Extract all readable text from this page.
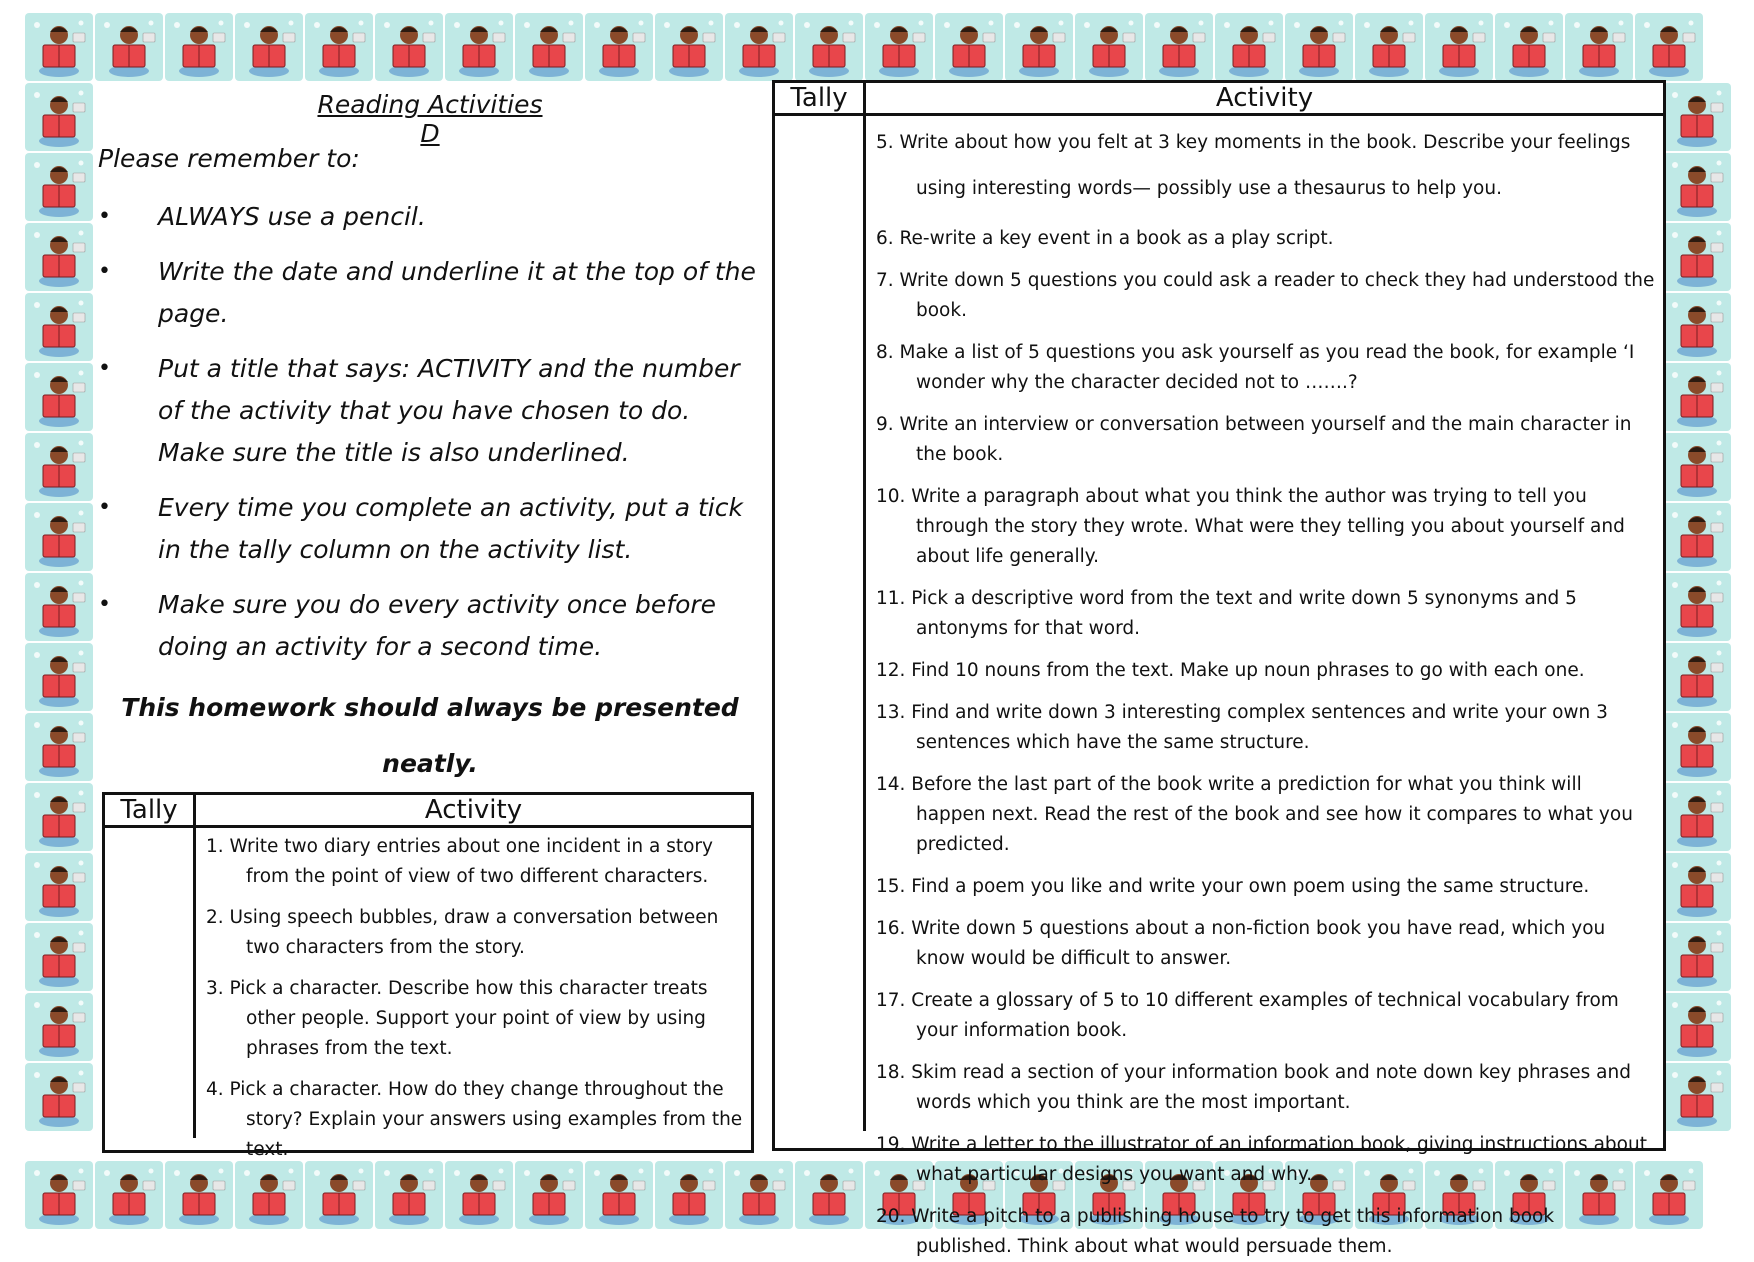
Reading Activities D
Please remember to:
• ALWAYS use a pencil.
• Write the date and underline it at the top of the page.
• Put a title that says: ACTIVITY and the number of the activity that you have chosen to do. Make sure the title is also underlined.
• Every time you complete an activity, put a tick in the tally column on the activity list.
• Make sure you do every activity once before doing an activity for a second time.
This homework should always be presented neatly.
Tally	Activity
1. Write two diary entries about one incident in a story from the point of view of two different characters.
2. Using speech bubbles, draw a conversation between two characters from the story.
3. Pick a character. Describe how this character treats other people. Support your point of view by using phrases from the text.
4. Pick a character. How do they change throughout the story? Explain your answers using examples from the text.
Tally	Activity
5. Write about how you felt at 3 key moments in the book. Describe your feelings using interesting words— possibly use a thesaurus to help you.
6. Re-write a key event in a book as a play script.
7. Write down 5 questions you could ask a reader to check they had understood the book.
8. Make a list of 5 questions you ask yourself as you read the book, for example ‘I wonder why the character decided not to …….?
9. Write an interview or conversation between yourself and the main character in the book.
10. Write a paragraph about what you think the author was trying to tell you through the story they wrote. What were they telling you about yourself and about life generally.
11. Pick a descriptive word from the text and write down 5 synonyms and 5 antonyms for that word.
12. Find 10 nouns from the text. Make up noun phrases to go with each one.
13. Find and write down 3 interesting complex sentences and write your own 3 sentences which have the same structure.
14. Before the last part of the book write a prediction for what you think will happen next. Read the rest of the book and see how it compares to what you predicted.
15. Find a poem you like and write your own poem using the same structure.
16. Write down 5 questions about a non-fiction book you have read, which you know would be difficult to answer.
17. Create a glossary of 5 to 10 different examples of technical vocabulary from your information book.
18. Skim read a section of your information book and note down key phrases and words which you think are the most important.
19. Write a letter to the illustrator of an information book, giving instructions about what particular designs you want and why.
20. Write a pitch to a publishing house to try to get this information book published. Think about what would persuade them.
